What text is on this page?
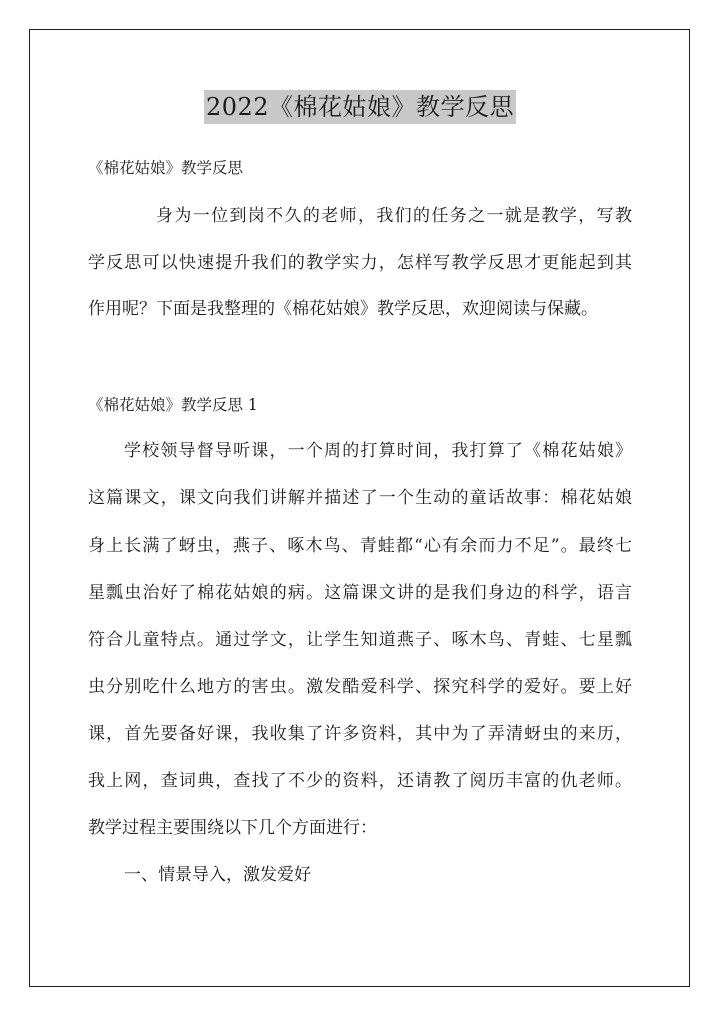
2022《棉花姑娘》教学反思
《棉花姑娘》教学反思
身为一位到岗不久的老师，我们的任务之一就是教学，写教
学反思可以快速提升我们的教学实力，怎样写教学反思才更能起到其
作用呢？下面是我整理的《棉花姑娘》教学反思，欢迎阅读与保藏。
《棉花姑娘》教学反思 1
学校领导督导听课，一个周的打算时间，我打算了《棉花姑娘》
这篇课文，课文向我们讲解并描述了一个生动的童话故事：棉花姑娘
身上长满了蚜虫，燕子、啄木鸟、青蛙都“心有余而力不足”。最终七
星瓢虫治好了棉花姑娘的病。这篇课文讲的是我们身边的科学，语言
符合儿童特点。通过学文，让学生知道燕子、啄木鸟、青蛙、七星瓢
虫分别吃什么地方的害虫。激发酷爱科学、探究科学的爱好。要上好
课，首先要备好课，我收集了许多资料，其中为了弄清蚜虫的来历，
我上网，查词典，查找了不少的资料，还请教了阅历丰富的仇老师。
教学过程主要围绕以下几个方面进行：
一、情景导入，激发爱好
